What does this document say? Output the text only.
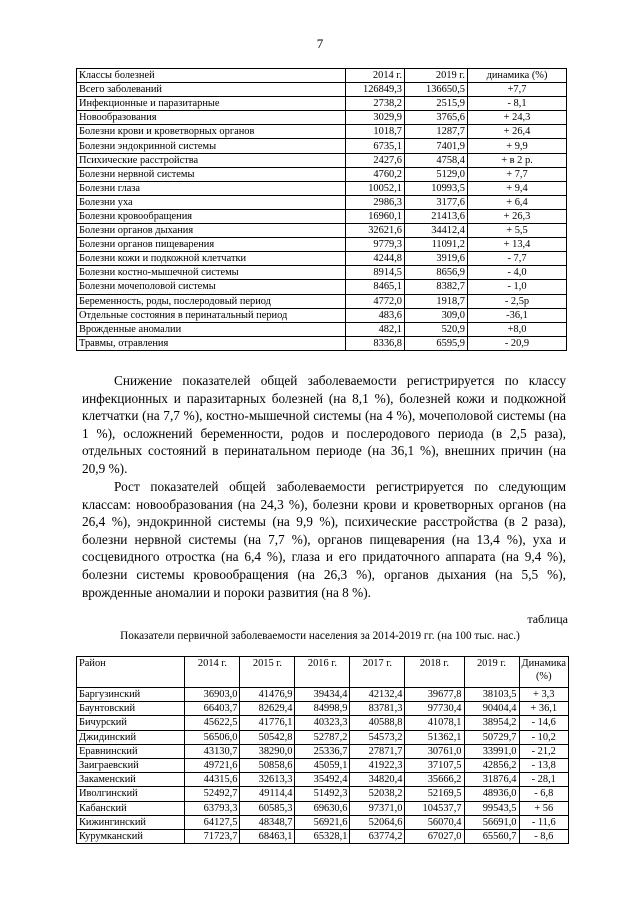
7
Классы болезней	2014 г.	2019 г.	динамика (%)
Всего заболеваний	126849,3	136650,5	+7,7
Инфекционные и паразитарные	2738,2	2515,9	- 8,1
Новообразования	3029,9	3765,6	+ 24,3
Болезни крови и кроветворных органов	1018,7	1287,7	+ 26,4
Болезни эндокринной системы	6735,1	7401,9	+ 9,9
Психические расстройства	2427,6	4758,4	+ в 2 р.
Болезни нервной системы	4760,2	5129,0	+ 7,7
Болезни глаза	10052,1	10993,5	+ 9,4
Болезни уха	2986,3	3177,6	+ 6,4
Болезни кровообращения	16960,1	21413,6	+ 26,3
Болезни органов дыхания	32621,6	34412,4	+ 5,5
Болезни органов пищеварения	9779,3	11091,2	+ 13,4
Болезни кожи и подкожной клетчатки	4244,8	3919,6	- 7,7
Болезни костно-мышечной системы	8914,5	8656,9	- 4,0
Болезни мочеполовой системы	8465,1	8382,7	- 1,0
Беременность, роды, послеродовый период	4772,0	1918,7	- 2,5р
Отдельные состояния в перинатальный период	483,6	309,0	-36,1
Врожденные аномалии	482,1	520,9	+8,0
Травмы, отравления	8336,8	6595,9	- 20,9

Снижение показателей общей заболеваемости регистрируется по классу инфекционных и паразитарных болезней (на 8,1 %), болезней кожи и подкожной клетчатки (на 7,7 %), костно-мышечной системы (на 4 %), мочеполовой системы (на 1 %), осложнений беременности, родов и послеродового периода (в 2,5 раза), отдельных состояний в перинатальном периоде (на 36,1 %), внешних причин (на 20,9 %).

Рост показателей общей заболеваемости регистрируется по следующим классам: новообразования (на 24,3 %), болезни крови и кроветворных органов (на 26,4 %), эндокринной системы (на 9,9 %), психические расстройства (в 2 раза), болезни нервной системы (на 7,7 %), органов пищеварения (на 13,4 %), уха и сосцевидного отростка (на 6,4 %), глаза и его придаточного аппарата (на 9,4 %), болезни системы кровообращения (на 26,3 %), органов дыхания (на 5,5 %), врожденные аномалии и пороки развития (на 8 %).

таблица
Показатели первичной заболеваемости населения за 2014-2019 гг. (на 100 тыс. нас.)
Район	2014 г.	2015 г.	2016 г.	2017 г.	2018 г.	2019 г.	Динамика (%)
Баргузинский	36903,0	41476,9	39434,4	42132,4	39677,8	38103,5	+ 3,3
Баунтовский	66403,7	82629,4	84998,9	83781,3	97730,4	90404,4	+ 36,1
Бичурский	45622,5	41776,1	40323,3	40588,8	41078,1	38954,2	- 14,6
Джидинский	56506,0	50542,8	52787,2	54573,2	51362,1	50729,7	- 10,2
Еравнинский	43130,7	38290,0	25336,7	27871,7	30761,0	33991,0	- 21,2
Заиграевский	49721,6	50858,6	45059,1	41922,3	37107,5	42856,2	- 13,8
Закаменский	44315,6	32613,3	35492,4	34820,4	35666,2	31876,4	- 28,1
Иволгинский	52492,7	49114,4	51492,3	52038,2	52169,5	48936,0	- 6,8
Кабанский	63793,3	60585,3	69630,6	97371,0	104537,7	99543,5	+ 56
Кижингинский	64127,5	48348,7	56921,6	52064,6	56070,4	56691,0	- 11,6
Курумканский	71723,7	68463,1	65328,1	63774,2	67027,0	65560,7	- 8,6
